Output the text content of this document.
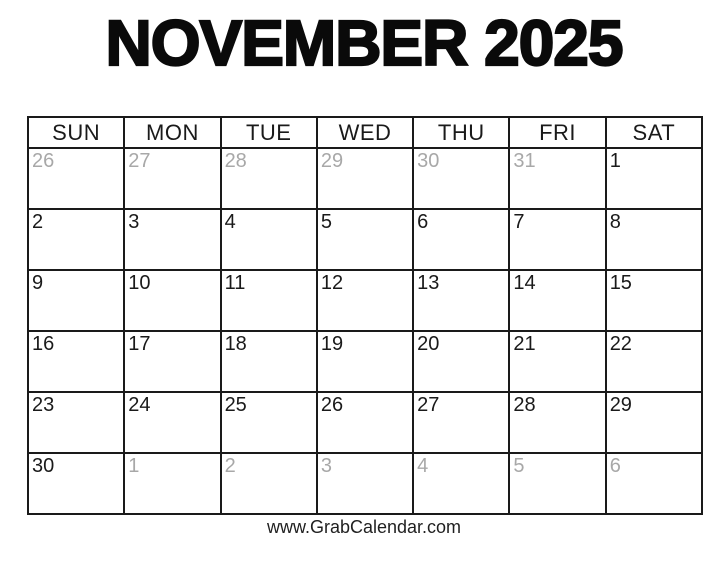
NOVEMBER 2025
SUN	MON	TUE	WED	THU	FRI	SAT
26	27	28	29	30	31	1
2	3	4	5	6	7	8
9	10	11	12	13	14	15
16	17	18	19	20	21	22
23	24	25	26	27	28	29
30	1	2	3	4	5	6
www.GrabCalendar.com
